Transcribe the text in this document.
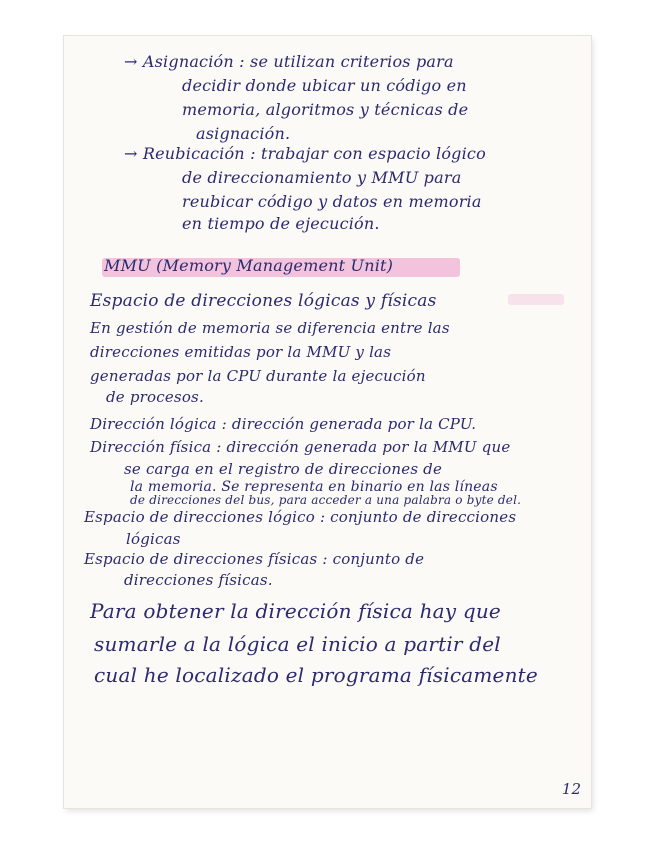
→ Asignación : se utilizan criterios para
decidir donde ubicar un código en
memoria, algoritmos y técnicas de
asignación.
→ Reubicación : trabajar con espacio lógico
de direccionamiento y MMU para
reubicar código y datos en memoria
en tiempo de ejecución.
MMU (Memory Management Unit)
Espacio de direcciones lógicas y físicas
En gestión de memoria se diferencia entre las
direcciones emitidas por la MMU y las
generadas por la CPU durante la ejecución
de procesos.
Dirección lógica : dirección generada por la CPU.
Dirección física : dirección generada por la MMU que
se carga en el registro de direcciones de
la memoria. Se representa en binario en las líneas
de direcciones del bus, para acceder a una palabra o byte del.
Espacio de direcciones lógico : conjunto de direcciones
lógicas
Espacio de direcciones físicas : conjunto de
direcciones físicas.
Para obtener la dirección física hay que
sumarle a la lógica el inicio a partir del
cual he localizado el programa físicamente
12
